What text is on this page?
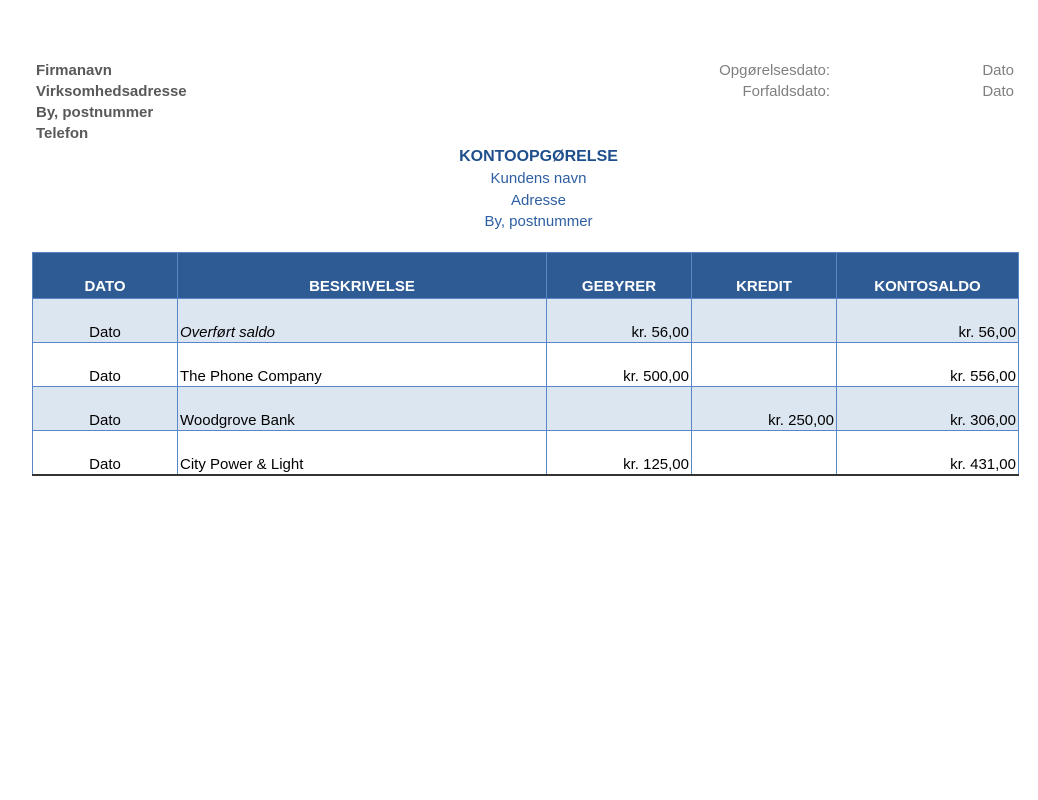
Firmanavn
Virksomhedsadresse
By, postnummer
Telefon
Opgørelsesdato:	Dato
Forfaldsdato:	Dato
KONTOOPGØRELSE
Kundens navn
Adresse
By, postnummer
DATO	BESKRIVELSE	GEBYRER	KREDIT	KONTOSALDO
Dato	Overført saldo	kr. 56,00		kr. 56,00
Dato	The Phone Company	kr. 500,00		kr. 556,00
Dato	Woodgrove Bank		kr. 250,00	kr. 306,00
Dato	City Power & Light	kr. 125,00		kr. 431,00
